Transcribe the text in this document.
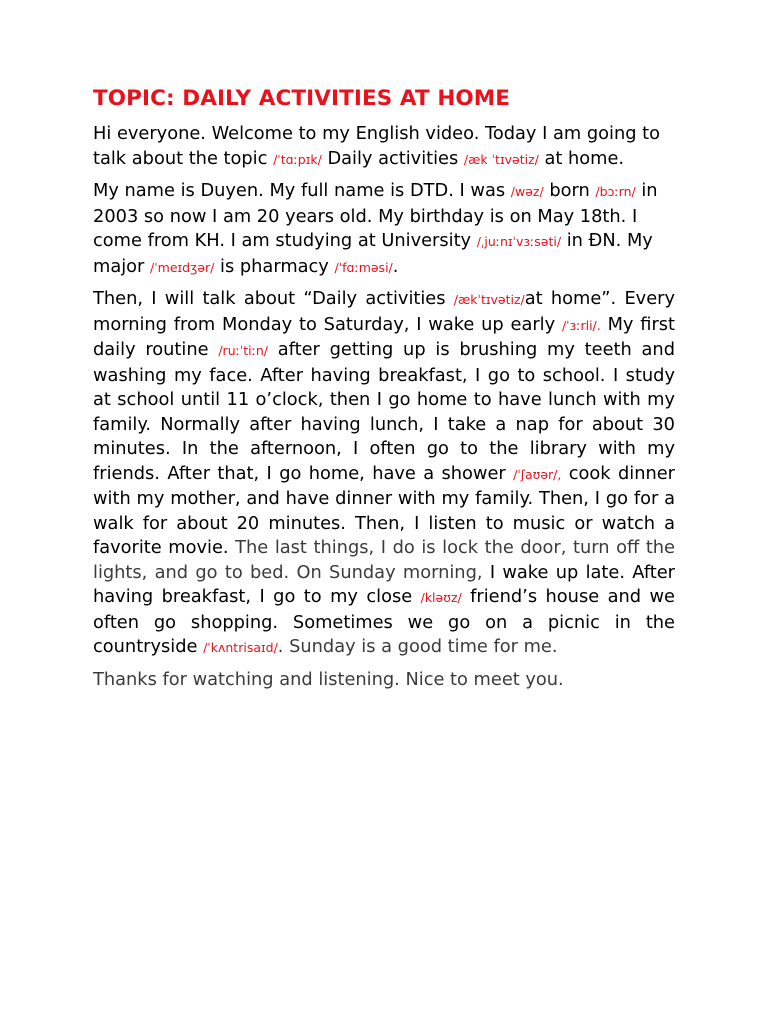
TOPIC: DAILY ACTIVITIES AT HOME

Hi everyone. Welcome to my English video. Today I am going to talk about the topic /ˈtɑːpɪk/ Daily activities /æk ˈtɪvətiz/ at home.

My name is Duyen. My full name is DTD. I was /wəz/ born /bɔːrn/ in 2003 so now I am 20 years old. My birthday is on May 18th. I come from KH. I am studying at University /ˌjuːnɪˈvɜːsəti/ in ĐN. My major /ˈmeɪdʒər/ is pharmacy /ˈfɑːməsi/.

Then, I will talk about “Daily activities /ækˈtɪvətiz/at home”. Every morning from Monday to Saturday, I wake up early /ˈɜːrli/. My first daily routine /ruːˈtiːn/ after getting up is brushing my teeth and washing my face. After having breakfast, I go to school. I study at school until 11 o’clock, then I go home to have lunch with my family. Normally after having lunch, I take a nap for about 30 minutes. In the afternoon, I often go to the library with my friends. After that, I go home, have a shower /ˈʃaʊər/, cook dinner with my mother, and have dinner with my family. Then, I go for a walk for about 20 minutes. Then, I listen to music or watch a favorite movie. The last things, I do is lock the door, turn off the lights, and go to bed. On Sunday morning, I wake up late. After having breakfast, I go to my close /kləʊz/ friend’s house and we often go shopping. Sometimes we go on a picnic in the countryside /ˈkʌntrisaɪd/. Sunday is a good time for me.

Thanks for watching and listening. Nice to meet you.
